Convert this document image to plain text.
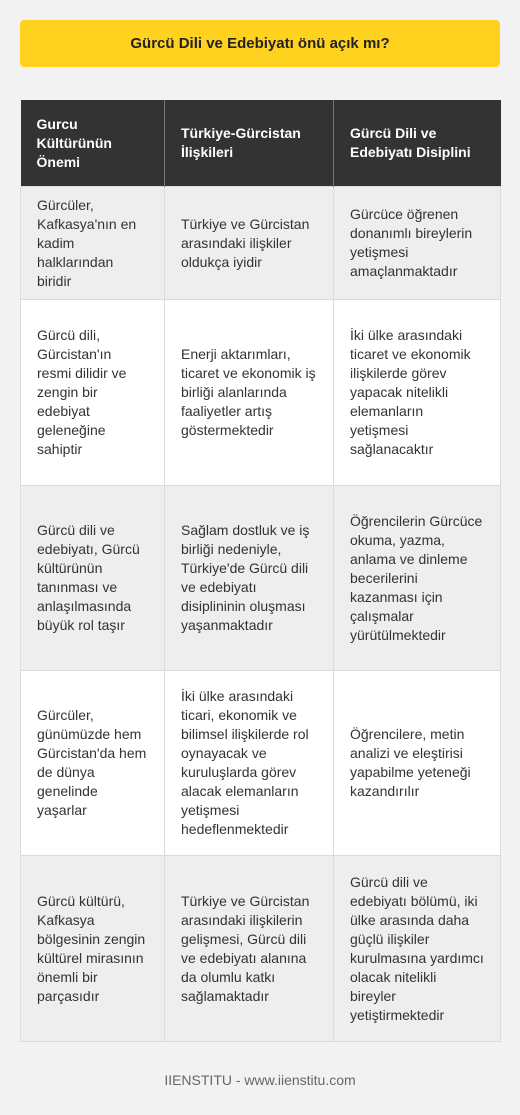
Gürcü Dili ve Edebiyatı önü açık mı?
Gurcu Kültürünün Önemi	Türkiye-Gürcistan İlişkileri	Gürcü Dili ve Edebiyatı Disiplini
Gürcüler, Kafkasya'nın en kadim halklarından biridir	Türkiye ve Gürcistan arasındaki ilişkiler oldukça iyidir	Gürcüce öğrenen donanımlı bireylerin yetişmesi amaçlanmaktadır
Gürcü dili, Gürcistan'ın resmi dilidir ve zengin bir edebiyat geleneğine sahiptir	Enerji aktarımları, ticaret ve ekonomik iş birliği alanlarında faaliyetler artış göstermektedir	İki ülke arasındaki ticaret ve ekonomik ilişkilerde görev yapacak nitelikli elemanların yetişmesi sağlanacaktır
Gürcü dili ve edebiyatı, Gürcü kültürünün tanınması ve anlaşılmasında büyük rol taşır	Sağlam dostluk ve iş birliği nedeniyle, Türkiye'de Gürcü dili ve edebiyatı disiplininin oluşması yaşanmaktadır	Öğrencilerin Gürcüce okuma, yazma, anlama ve dinleme becerilerini kazanması için çalışmalar yürütülmektedir
Gürcüler, günümüzde hem Gürcistan'da hem de dünya genelinde yaşarlar	İki ülke arasındaki ticari, ekonomik ve bilimsel ilişkilerde rol oynayacak ve kuruluşlarda görev alacak elemanların yetişmesi hedeflenmektedir	Öğrencilere, metin analizi ve eleştirisi yapabilme yeteneği kazandırılır
Gürcü kültürü, Kafkasya bölgesinin zengin kültürel mirasının önemli bir parçasıdır	Türkiye ve Gürcistan arasındaki ilişkilerin gelişmesi, Gürcü dili ve edebiyatı alanına da olumlu katkı sağlamaktadır	Gürcü dili ve edebiyatı bölümü, iki ülke arasında daha güçlü ilişkiler kurulmasına yardımcı olacak nitelikli bireyler yetiştirmektedir
IIENSTITU - www.iienstitu.com
